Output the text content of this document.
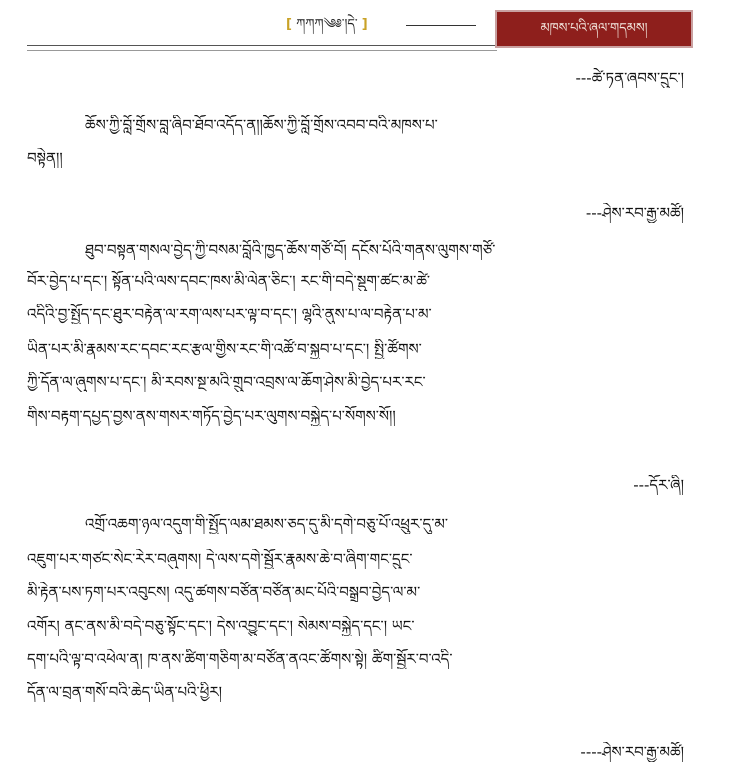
[ ཀཀཀ༄༅་།དེ་ ]	མཁས་པའི་ཞལ་གདམས།
---ཚེ་ཏན་ཞབས་དྲུང་།
ཆོས་ཀྱི་བློ་གྲོས་བླ་ཞིབ་ཐོབ་འདོད་ན།།ཆོས་ཀྱི་བློ་གྲོས་འབབ་བའི་མཁས་པ་
བསྟེན།།
---ཤེས་རབ་རྒྱ་མཚོ།
ཐུབ་བསྟན་གསལ་བྱེད་ཀྱི་བསམ་བློའི་ཁྱད་ཆོས་གཙོ་བོ། དངོས་པོའི་གནས་ལུགས་གཙོ་
བོར་བྱེད་པ་དང་། སྟོན་པའི་ལས་དབང་ཁས་མི་ལེན་ཅིང་། རང་གི་བདེ་སྡུག་ཚང་མ་ཚེ་
འདིའི་བྱ་སྤྱོད་དང་ཐུར་བརྟེན་ལ་རག་ལས་པར་ལྟ་བ་དང་། ལྷའི་ནུས་པ་ལ་བརྟེན་པ་མ་
ཡིན་པར་མི་རྣམས་རང་དབང་རང་རྩལ་གྱིས་རང་གི་འཚོ་བ་སྐྱབ་པ་དང་། སྤྱི་ཚོགས་
ཀྱི་དོན་ལ་ཞུགས་པ་དང་། མི་རབས་སྔ་མའི་གྲུབ་འབྲས་ལ་ཆོག་ཤེས་མི་བྱེད་པར་རང་
གིས་བརྟག་དཔྱད་བྱས་ནས་གསར་གཏོད་བྱེད་པར་ལུགས་བསྐྱེད་པ་སོགས་སོ།།
---དོར་ཞི།
འགྲོ་འཆག་ཉལ་འདུག་གི་སྤྱོད་ལམ་ཐམས་ཅད་དུ་མི་དགེ་བཅུ་པོ་འཕྲུར་དུ་མ་
འཇུག་པར་གཙང་སེང་རེར་བཞུགས། དེ་ལས་དགེ་སྦྱོར་རྣམས་ཆེ་བ་ཞིག་གང་དྲུང་
མི་རྟེན་པས་ཏག་པར་འབུངས། འདུ་ཚགས་བཙོན་བཙོན་མང་པོའི་བསྒྲུབ་བྱེད་ལ་མ་
འགོར། ནང་ནས་མི་བདེ་བཅུ་སྟོང་དང་། དེས་འབྱུང་དང་། སེམས་བསྐྱེད་དང་། ཡང་
དག་པའི་ལྟ་བ་འཕེལ་ན། ཁ་ནས་ཚིག་གཅིག་མ་བཙོན་ནའང་ཚོགས་སྟེ། ཚིག་སྦྱོར་བ་འདི་
དོན་ལ་བྲན་གསོ་བའི་ཆེད་ཡིན་པའི་ཕྱིར།
----ཤེས་རབ་རྒྱ་མཚོ།
